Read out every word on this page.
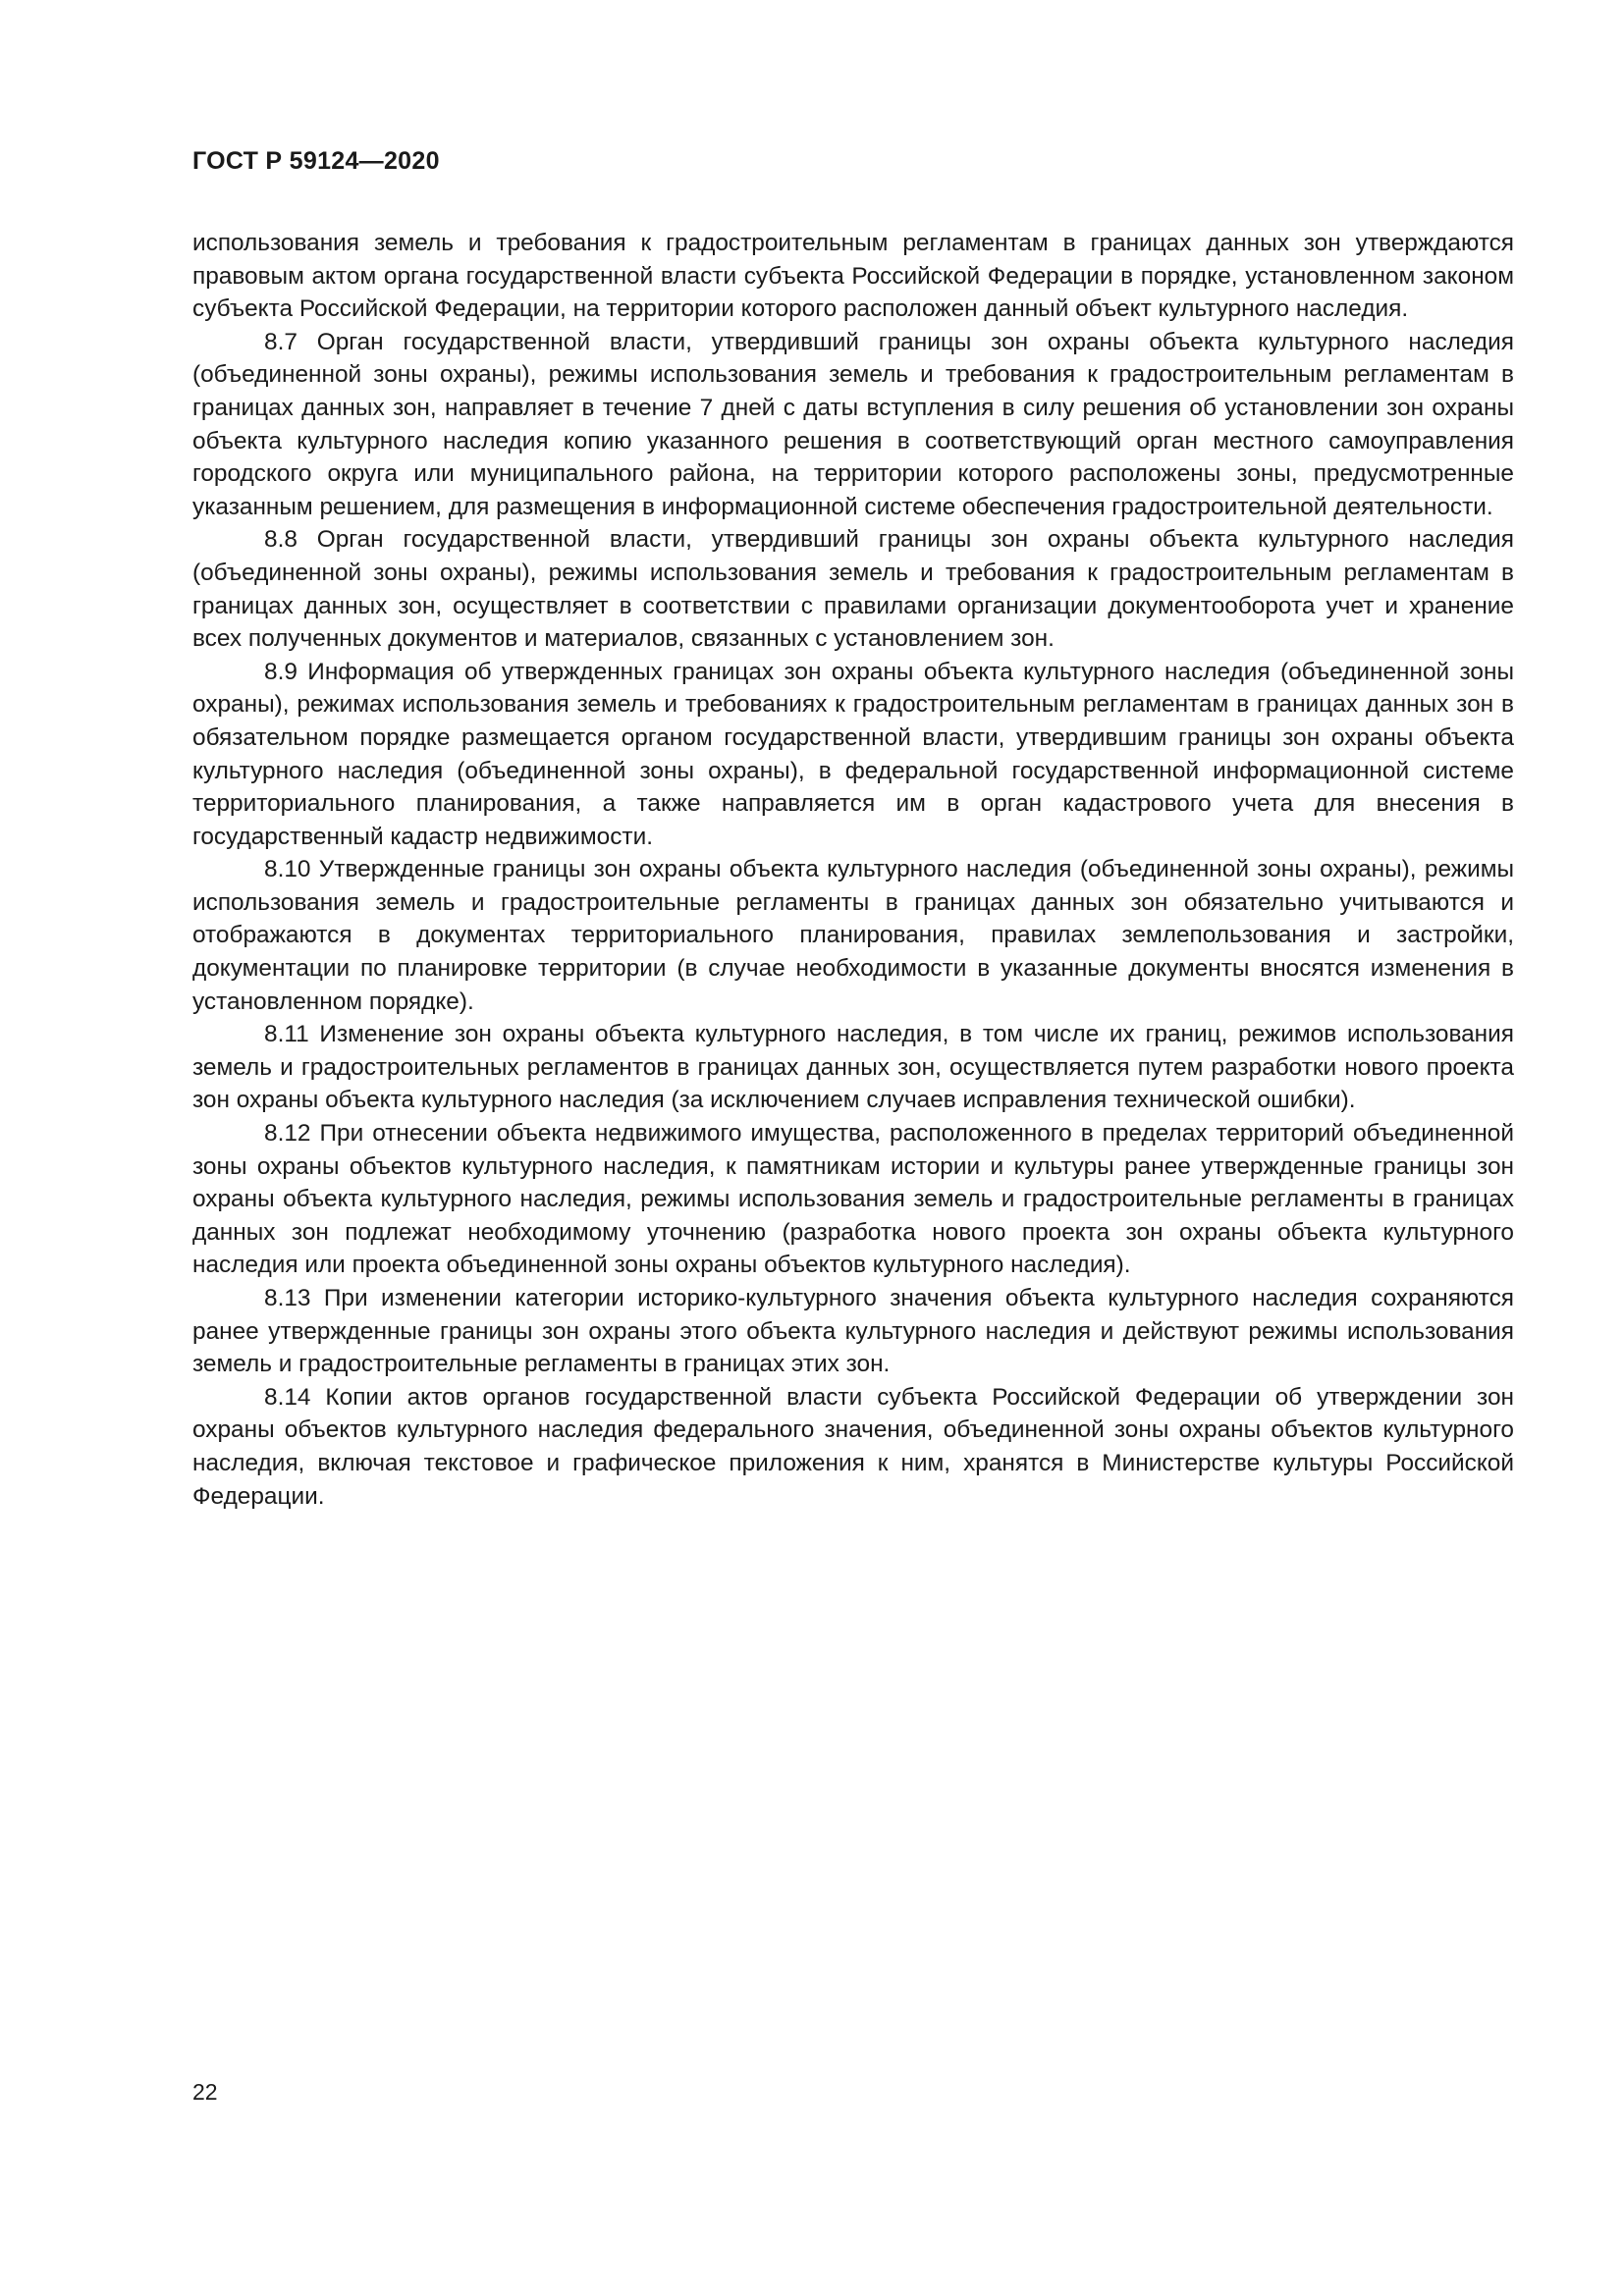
ГОСТ Р 59124—2020

использования земель и требования к градостроительным регламентам в границах данных зон утверждаются правовым актом органа государственной власти субъекта Российской Федерации в порядке, установленном законом субъекта Российской Федерации, на территории которого расположен данный объект культурного наследия.

8.7 Орган государственной власти, утвердивший границы зон охраны объекта культурного наследия (объединенной зоны охраны), режимы использования земель и требования к градостроительным регламентам в границах данных зон, направляет в течение 7 дней с даты вступления в силу решения об установлении зон охраны объекта культурного наследия копию указанного решения в соответствующий орган местного самоуправления городского округа или муниципального района, на территории которого расположены зоны, предусмотренные указанным решением, для размещения в информационной системе обеспечения градостроительной деятельности.

8.8 Орган государственной власти, утвердивший границы зон охраны объекта культурного наследия (объединенной зоны охраны), режимы использования земель и требования к градостроительным регламентам в границах данных зон, осуществляет в соответствии с правилами организации документооборота учет и хранение всех полученных документов и материалов, связанных с установлением зон.

8.9 Информация об утвержденных границах зон охраны объекта культурного наследия (объединенной зоны охраны), режимах использования земель и требованиях к градостроительным регламентам в границах данных зон в обязательном порядке размещается органом государственной власти, утвердившим границы зон охраны объекта культурного наследия (объединенной зоны охраны), в федеральной государственной информационной системе территориального планирования, а также направляется им в орган кадастрового учета для внесения в государственный кадастр недвижимости.

8.10 Утвержденные границы зон охраны объекта культурного наследия (объединенной зоны охраны), режимы использования земель и градостроительные регламенты в границах данных зон обязательно учитываются и отображаются в документах территориального планирования, правилах землепользования и застройки, документации по планировке территории (в случае необходимости в указанные документы вносятся изменения в установленном порядке).

8.11 Изменение зон охраны объекта культурного наследия, в том числе их границ, режимов использования земель и градостроительных регламентов в границах данных зон, осуществляется путем разработки нового проекта зон охраны объекта культурного наследия (за исключением случаев исправления технической ошибки).

8.12 При отнесении объекта недвижимого имущества, расположенного в пределах территорий объединенной зоны охраны объектов культурного наследия, к памятникам истории и культуры ранее утвержденные границы зон охраны объекта культурного наследия, режимы использования земель и градостроительные регламенты в границах данных зон подлежат необходимому уточнению (разработка нового проекта зон охраны объекта культурного наследия или проекта объединенной зоны охраны объектов культурного наследия).

8.13 При изменении категории историко-культурного значения объекта культурного наследия сохраняются ранее утвержденные границы зон охраны этого объекта культурного наследия и действуют режимы использования земель и градостроительные регламенты в границах этих зон.

8.14 Копии актов органов государственной власти субъекта Российской Федерации об утверждении зон охраны объектов культурного наследия федерального значения, объединенной зоны охраны объектов культурного наследия, включая текстовое и графическое приложения к ним, хранятся в Министерстве культуры Российской Федерации.

22
